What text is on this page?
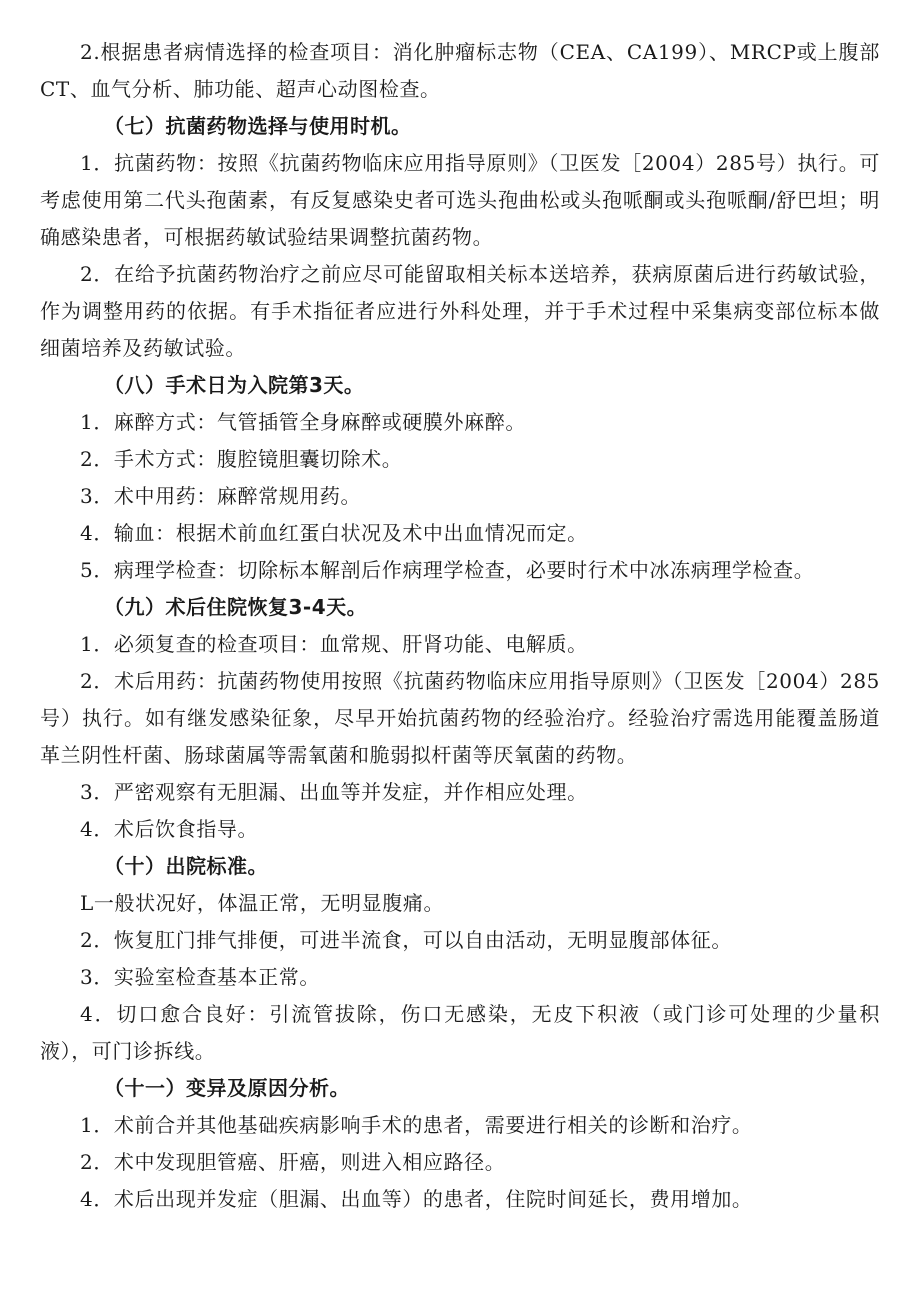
2.根据患者病情选择的检查项目：消化肿瘤标志物（CEA、CA199）、MRCP或上腹部CT、血气分析、肺功能、超声心动图检查。

（七）抗菌药物选择与使用时机。

1．抗菌药物：按照《抗菌药物临床应用指导原则》（卫医发［2004）285号）执行。可考虑使用第二代头孢菌素，有反复感染史者可选头孢曲松或头孢哌酮或头孢哌酮/舒巴坦；明确感染患者，可根据药敏试验结果调整抗菌药物。

2．在给予抗菌药物治疗之前应尽可能留取相关标本送培养，获病原菌后进行药敏试验，作为调整用药的依据。有手术指征者应进行外科处理，并于手术过程中采集病变部位标本做细菌培养及药敏试验。

（八）手术日为入院第3天。

1．麻醉方式：气管插管全身麻醉或硬膜外麻醉。

2．手术方式：腹腔镜胆囊切除术。

3．术中用药：麻醉常规用药。

4．输血：根据术前血红蛋白状况及术中出血情况而定。

5．病理学检查：切除标本解剖后作病理学检查，必要时行术中冰冻病理学检查。

（九）术后住院恢复3-4天。

1．必须复查的检查项目：血常规、肝肾功能、电解质。

2．术后用药：抗菌药物使用按照《抗菌药物临床应用指导原则》（卫医发［2004）285号）执行。如有继发感染征象，尽早开始抗菌药物的经验治疗。经验治疗需选用能覆盖肠道革兰阴性杆菌、肠球菌属等需氧菌和脆弱拟杆菌等厌氧菌的药物。

3．严密观察有无胆漏、出血等并发症，并作相应处理。

4．术后饮食指导。

（十）出院标准。

L一般状况好，体温正常，无明显腹痛。

2．恢复肛门排气排便，可进半流食，可以自由活动，无明显腹部体征。

3．实验室检查基本正常。

4．切口愈合良好：引流管拔除，伤口无感染，无皮下积液（或门诊可处理的少量积液），可门诊拆线。

（十一）变异及原因分析。

1．术前合并其他基础疾病影响手术的患者，需要进行相关的诊断和治疗。

2．术中发现胆管癌、肝癌，则进入相应路径。

4．术后出现并发症（胆漏、出血等）的患者，住院时间延长，费用增加。
